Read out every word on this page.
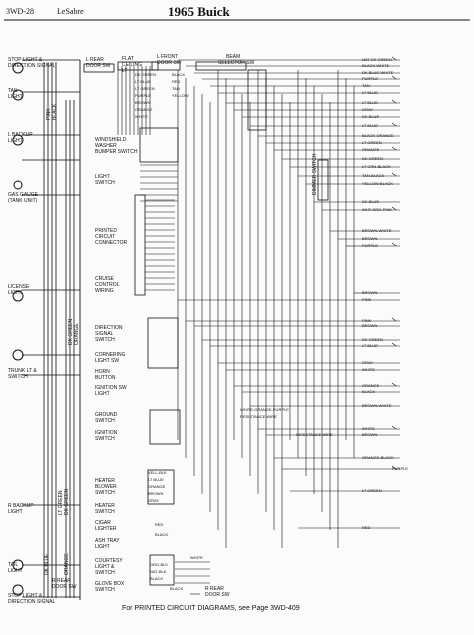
3WD-28	LeSabre	1965 Buick
For PRINTED CIRCUIT DIAGRAMS, see Page 3WD-409
STOP LIGHT &
DIRECTION SIGNAL
TAIL
LIGHT
L BACKUP
LIGHT
GAS GAUGE
(TANK UNIT)
LICENSE
LIGHT
TRUNK LT &
SWITCH
R BACKUP
LIGHT
TAIL
LIGHT
STOP LIGHT &
DIRECTION SIGNAL
R REAR
DOOR SW
L REAR
DOOR SW
FLAT
CEILING
LT
L FRONT
DOOR SW
BEAM
SELECTOR SW
WINDSHIELD
WASHER
BUMPER SWITCH
LIGHT
SWITCH
PRINTED
CIRCUIT
CONNECTOR
CRUISE
CONTROL
WIRING
DIRECTION
SIGNAL
SWITCH
CORNERING
LIGHT SW
HORN
BUTTON
IGNITION SW
LIGHT
GROUND
SWITCH
IGNITION
SWITCH
HEATER
BLOWER
SWITCH
HEATER
SWITCH
CIGAR
LIGHTER
ASH TRAY
LIGHT
COURTESY
LIGHT &
SWITCH
GLOVE BOX
SWITCH	R REAR
DOOR SW
DK GREEN
LT BLUE
LT GREEN
PURPLE
BROWN
ORANGE
WHITE
BLACK
RED
TAN
YELLOW
NAT-DK GREEN
BLACK-WHITE
DK BLUE-WHITE
PURPLE
TAN
LT BLUE
LT BLUE
GRAY
DK BLUE
LT BLUE
BLACK-ORANGE
LT GREEN
ORANGE
DK GREEN
LT GRN-BLACK
TAN-BLACK
YELLOW-BLACK
DK BLUE
WHT-ORG-PINK
BROWN-WHITE
BROWN
PURPLE
BROWN
PINK
PINK
BROWN
DK GREEN
LT BLUE
GRAY
WHITE
ORANGE
BLACK
BROWN-WHITE
WHITE
BROWN
ORANGE-BLACK
PURPLE
LT GREEN
RED
WHITE-ORANGE-PURPLE
RESISTANCE WIRE
RESISTANCE WIRE
PINK BLACK
DK GREEN ORANGE
LT GREEN DK GREEN
DK BLUE	ORANGE
DIMMER SWITCH
YELL-BLK
LT BLUE
ORANGE
BROWN
GRAY
RED
BLACK
ORG-BLK
NAT-BLK
BLACK
BLACK
WHITE
